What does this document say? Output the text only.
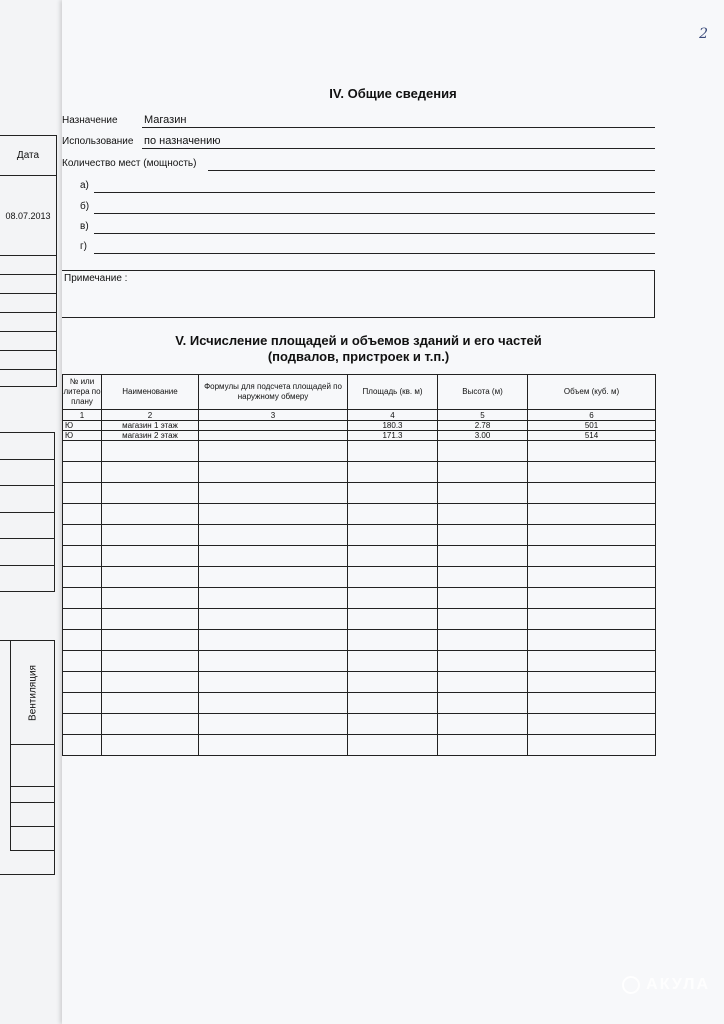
Дата
08.07.2013
Вентиляция
2
IV. Общие сведения
Назначение Магазин
Использование по назначению
Количество мест (мощность)
а)
б)
в)
г)
Примечание :
V. Исчисление площадей и объемов зданий и его частей
(подвалов, пристроек и т.п.)
№ или литера по плану	Наименование	Формулы для подсчета площадей по наружному обмеру	Площадь (кв. м)	Высота (м)	Объем (куб. м)
1	2	3	4	5	6
Ю	магазин 1 этаж		180.3	2.78	501
Ю	магазин 2 этаж		171.3	3.00	514

АКУЛА
